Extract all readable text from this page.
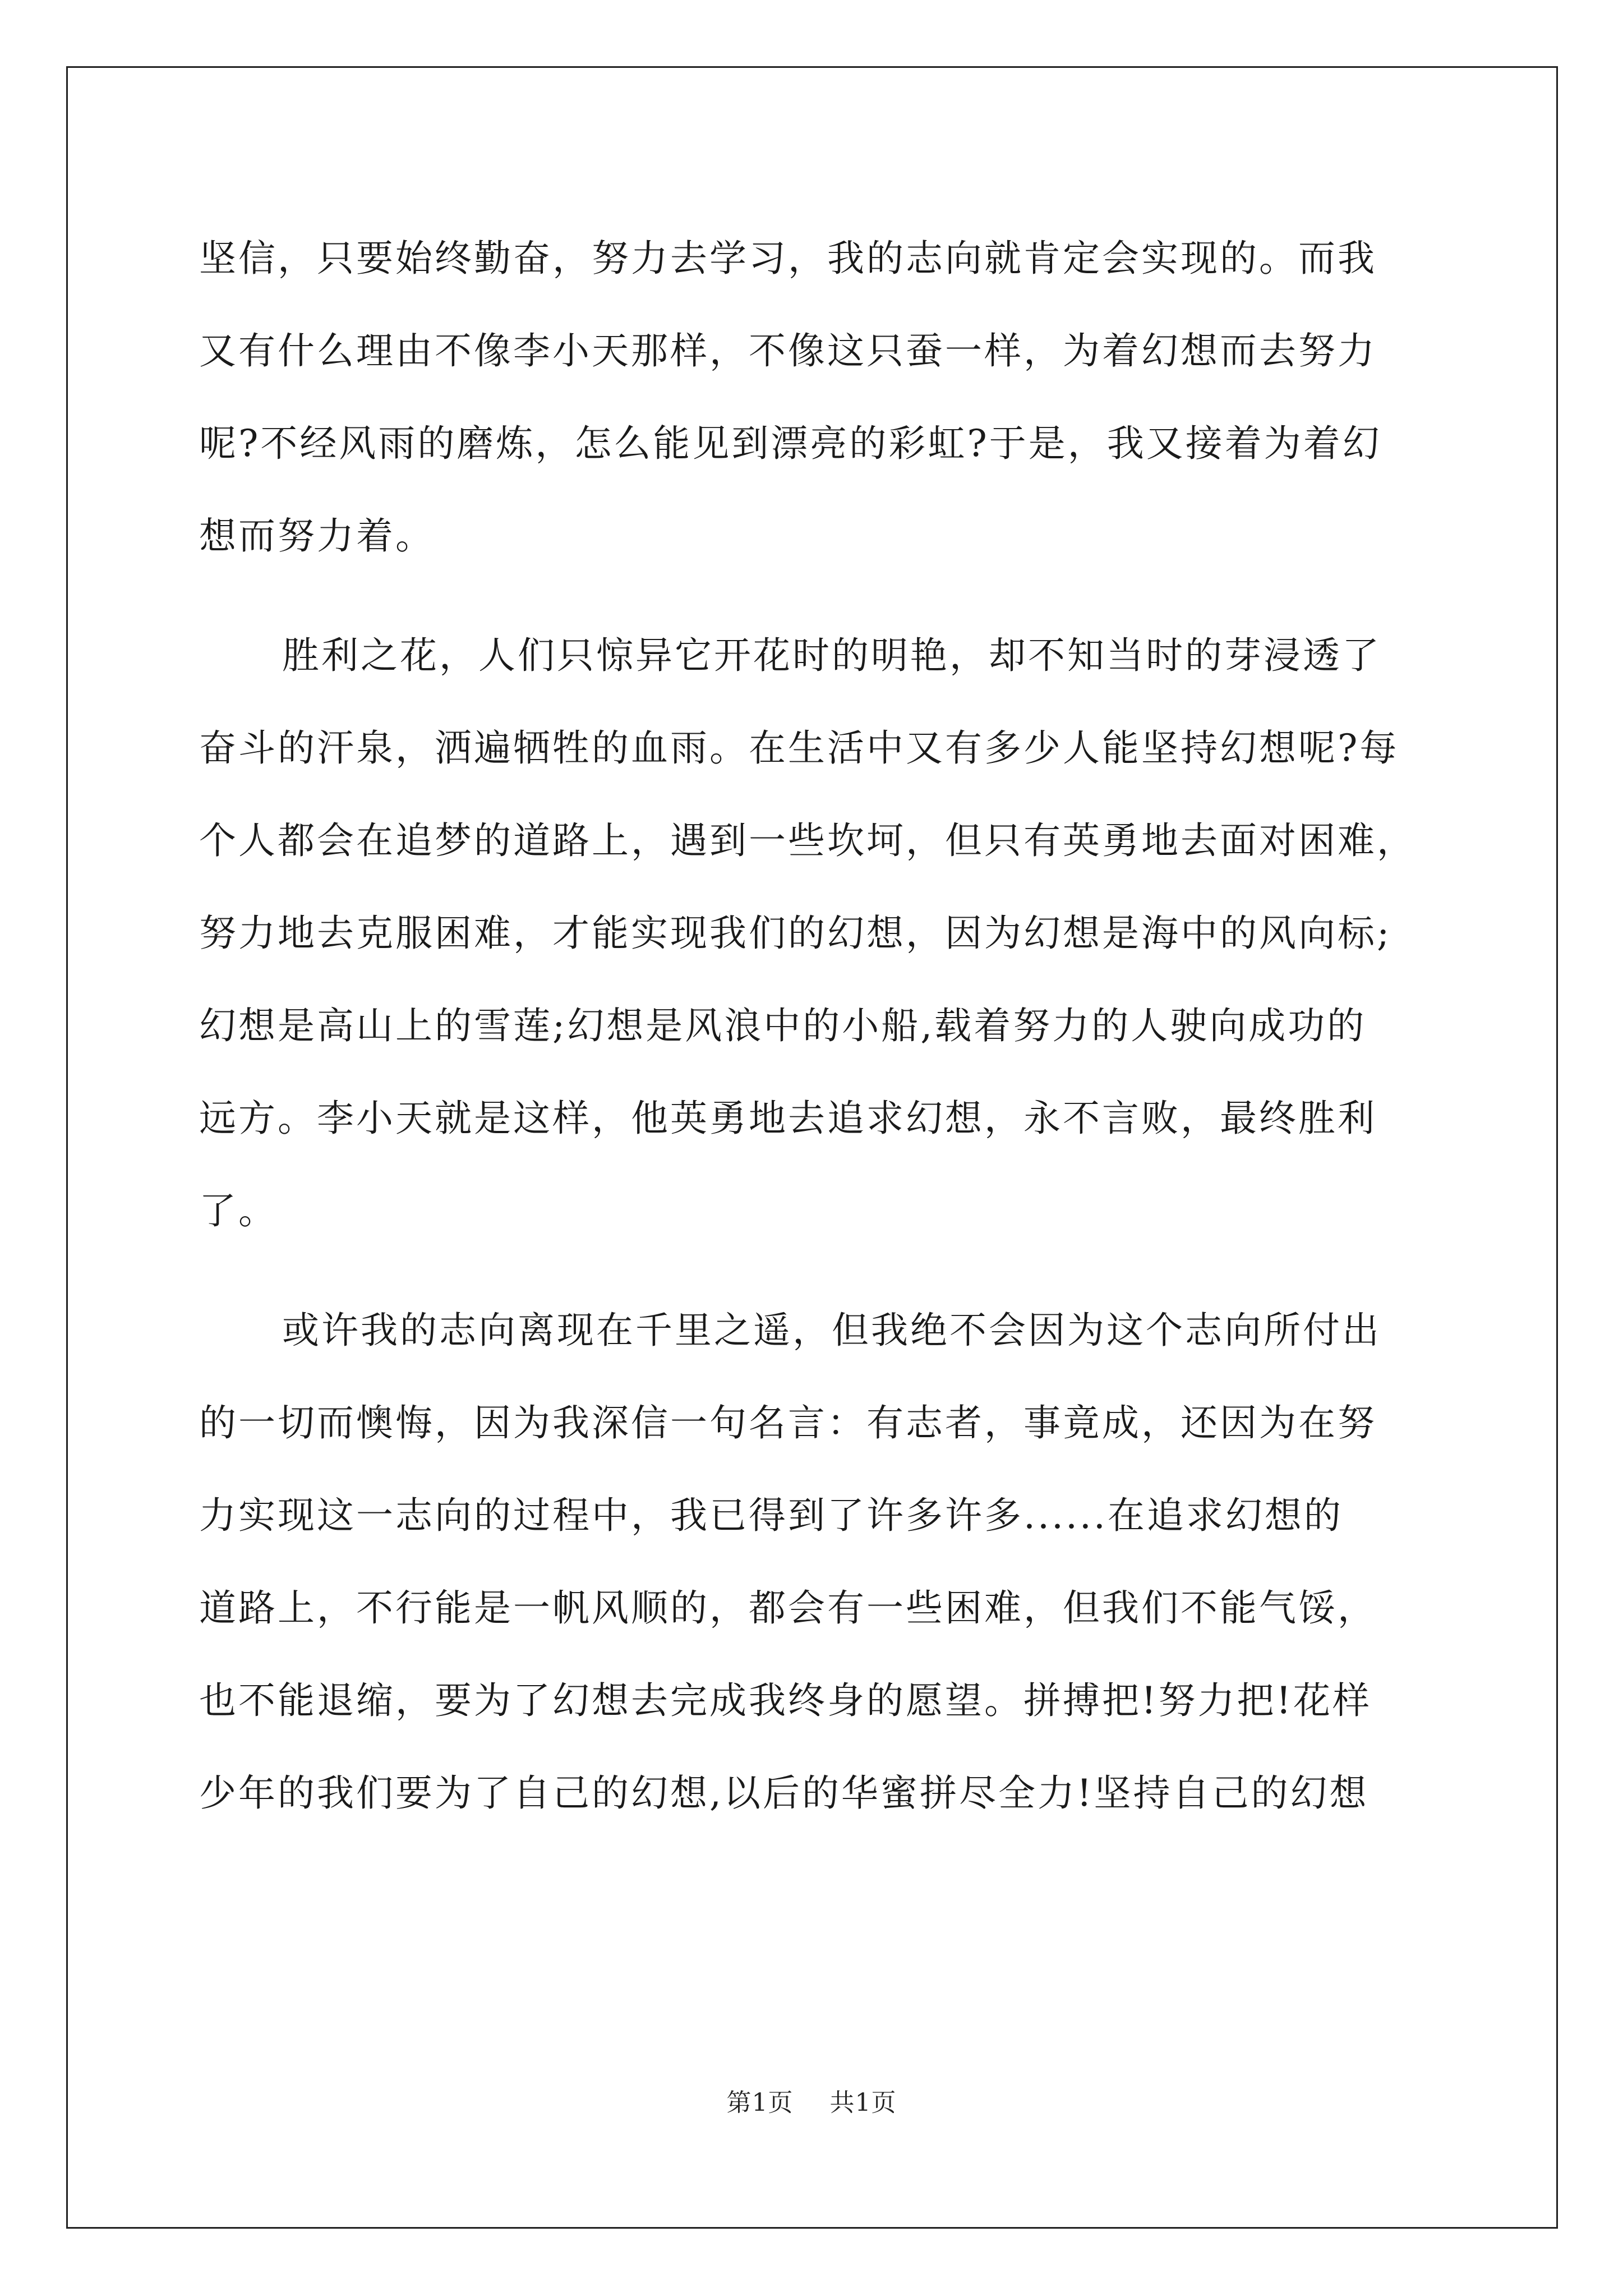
坚信，只要始终勤奋，努力去学习，我的志向就肯定会实现的。而我
又有什么理由不像李小天那样，不像这只蚕一样，为着幻想而去努力
呢?不经风雨的磨炼，怎么能见到漂亮的彩虹?于是，我又接着为着幻
想而努力着。

胜利之花，人们只惊异它开花时的明艳，却不知当时的芽浸透了
奋斗的汗泉，洒遍牺牲的血雨。在生活中又有多少人能坚持幻想呢?每
个人都会在追梦的道路上，遇到一些坎坷，但只有英勇地去面对困难，
努力地去克服困难，才能实现我们的幻想，因为幻想是海中的风向标;
幻想是高山上的雪莲;幻想是风浪中的小船,载着努力的人驶向成功的
远方。李小天就是这样，他英勇地去追求幻想，永不言败，最终胜利
了。

或许我的志向离现在千里之遥，但我绝不会因为这个志向所付出
的一切而懊悔，因为我深信一句名言：有志者，事竟成，还因为在努
力实现这一志向的过程中，我已得到了许多许多......在追求幻想的
道路上，不行能是一帆风顺的，都会有一些困难，但我们不能气馁，
也不能退缩，要为了幻想去完成我终身的愿望。拼搏把!努力把!花样
少年的我们要为了自己的幻想,以后的华蜜拼尽全力!坚持自己的幻想

第1页 共1页
